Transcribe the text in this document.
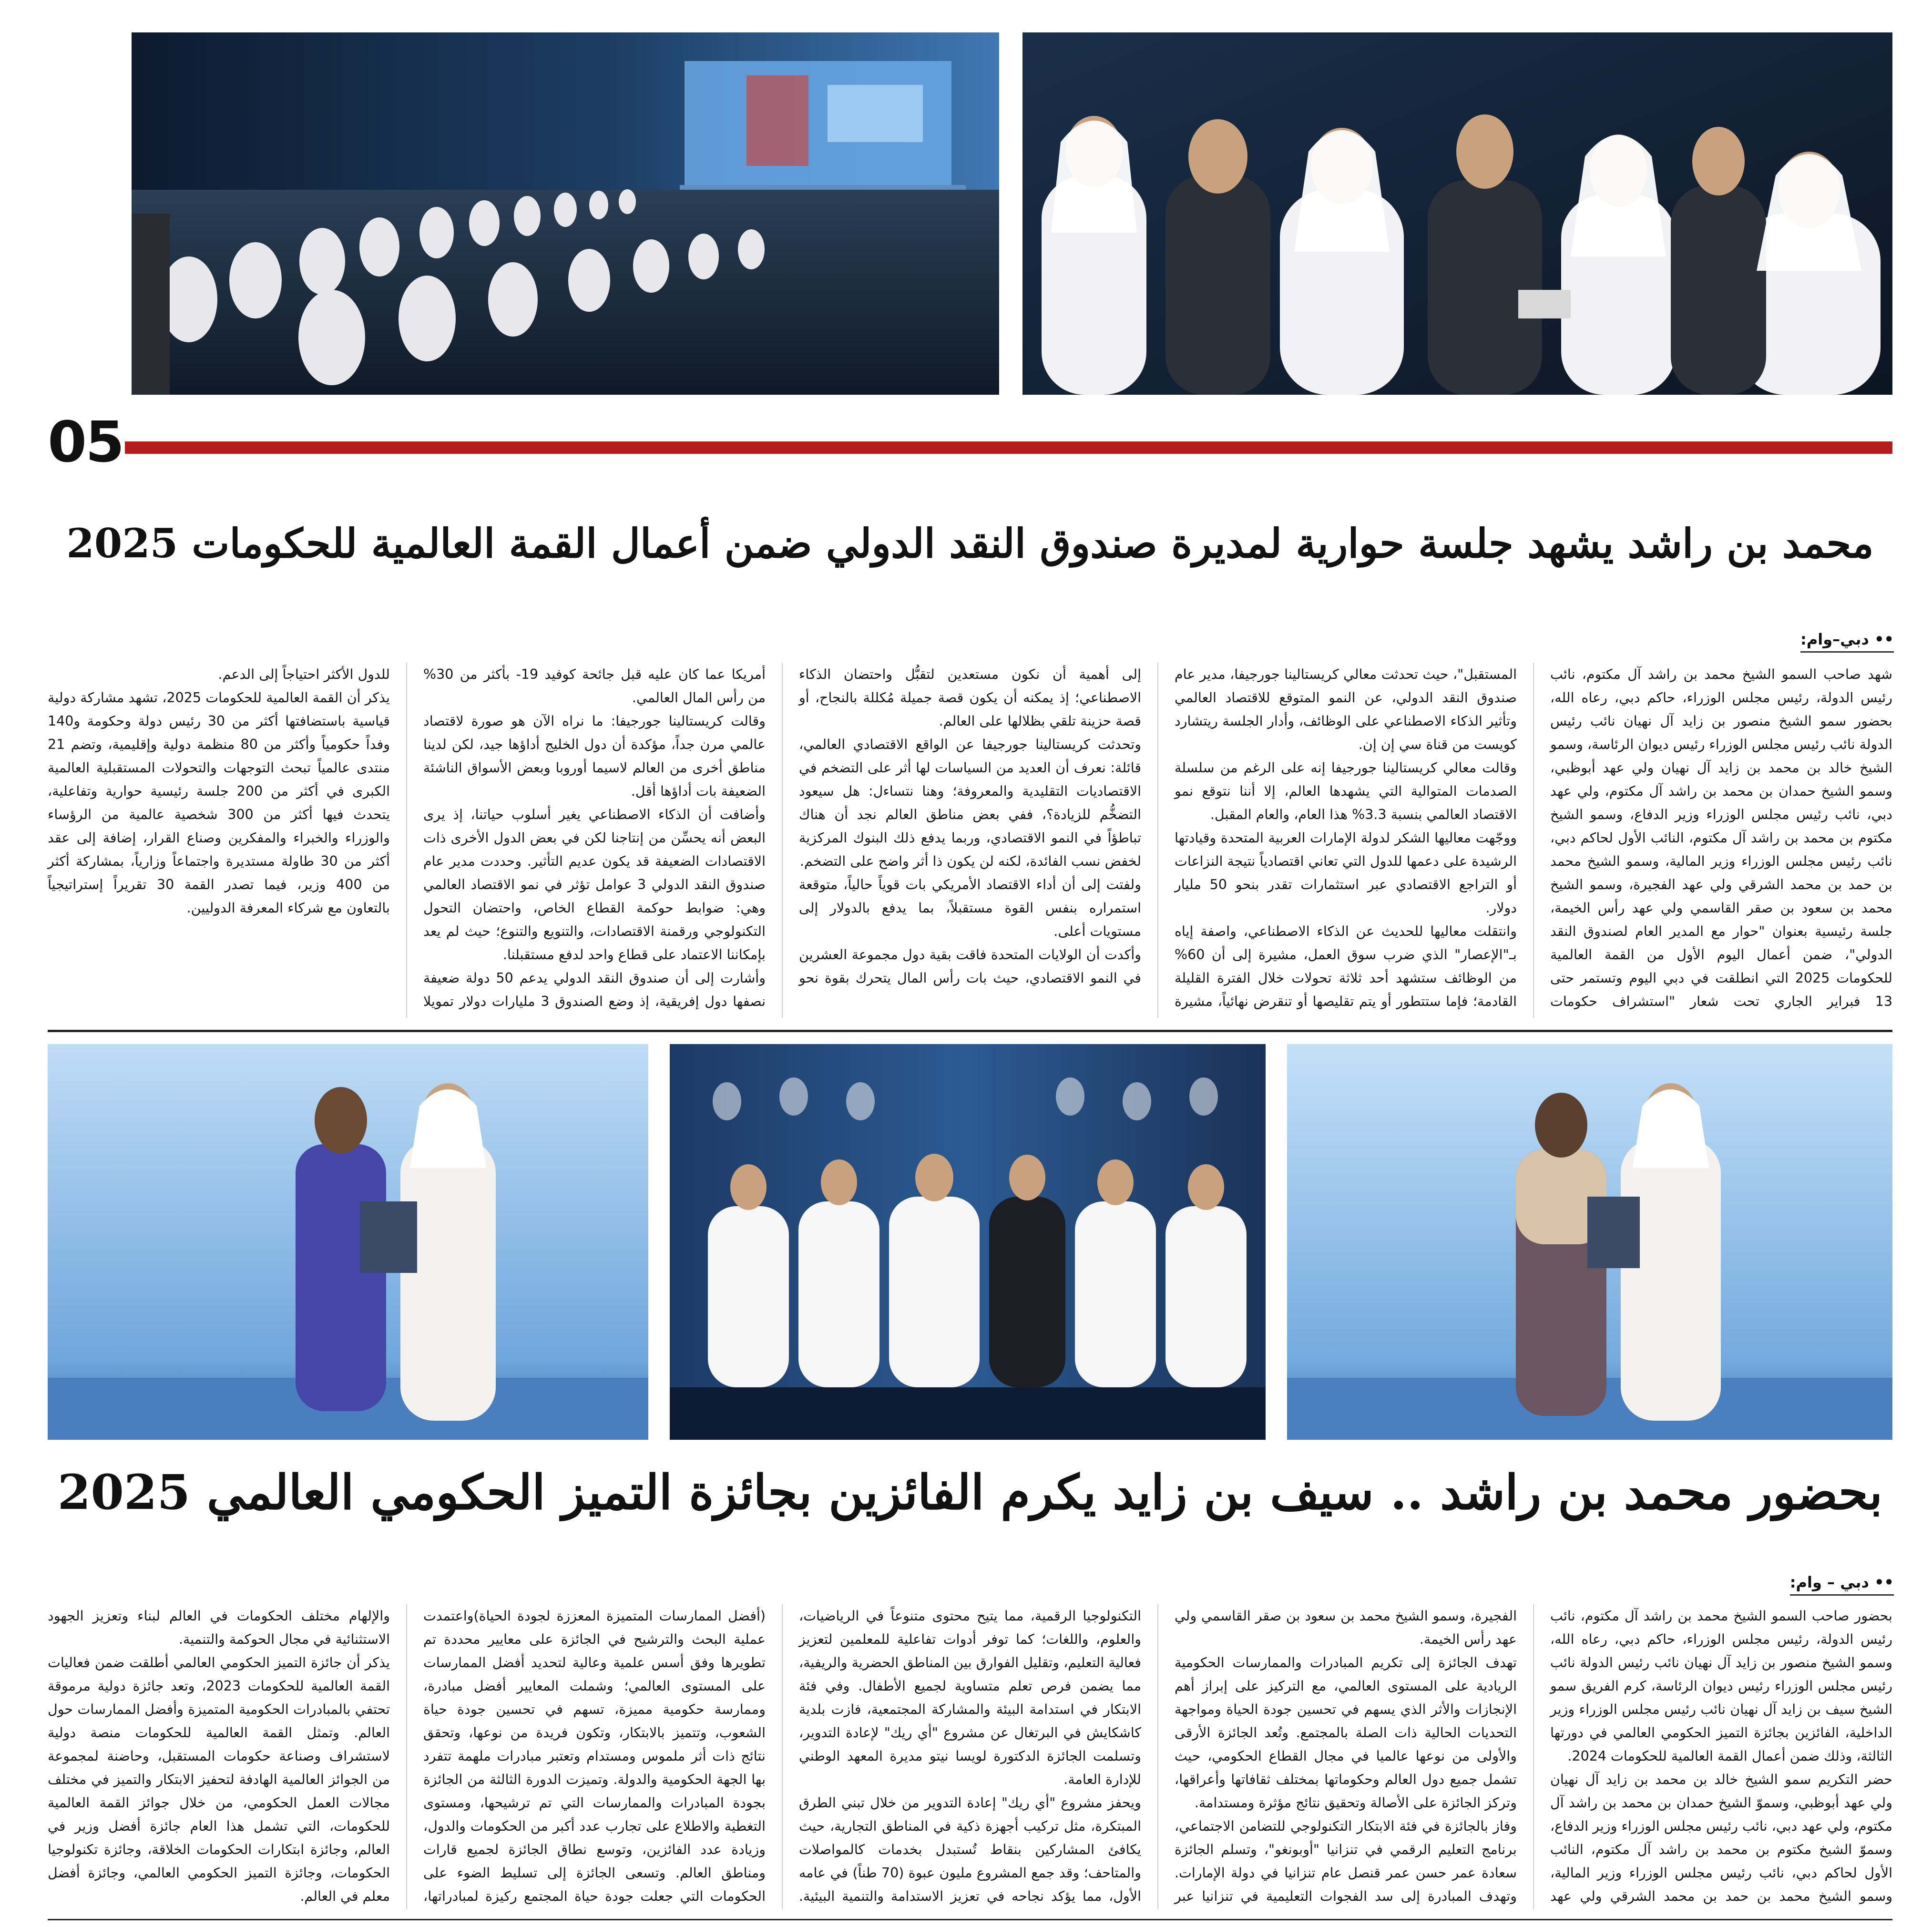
05
محمد بن راشد يشهد جلسة حوارية لمديرة صندوق النقد الدولي ضمن أعمال القمة العالمية للحكومات 2025
•• دبي–وام:

شهد صاحب السمو الشيخ محمد بن راشد آل مكتوم، نائب رئيس الدولة، رئيس مجلس الوزراء، حاكم دبي، رعاه الله، بحضور سمو الشيخ منصور بن زايد آل نهيان نائب رئيس الدولة نائب رئيس مجلس الوزراء رئيس ديوان الرئاسة، وسمو الشيخ خالد بن محمد بن زايد آل نهيان ولي عهد أبوظبي، وسمو الشيخ حمدان بن محمد بن راشد آل مكتوم، ولي عهد دبي، نائب رئيس مجلس الوزراء وزير الدفاع، وسمو الشيخ مكتوم بن محمد بن راشد آل مكتوم، النائب الأول لحاكم دبي، نائب رئيس مجلس الوزراء وزير المالية، وسمو الشيخ محمد بن حمد بن محمد الشرقي ولي عهد الفجيرة، وسمو الشيخ محمد بن سعود بن صقر القاسمي ولي عهد رأس الخيمة، جلسة رئيسية بعنوان "حوار مع المدير العام لصندوق النقد الدولي"، ضمن أعمال اليوم الأول من القمة العالمية للحكومات 2025 التي انطلقت في دبي اليوم وتستمر حتى 13 فبراير الجاري تحت شعار "استشراف حكومات المستقبل"، حيث تحدثت معالي كريستالينا جورجيفا، مدير عام صندوق النقد الدولي، عن النمو المتوقع للاقتصاد العالمي وتأثير الذكاء الاصطناعي على الوظائف، وأدار الجلسة ريتشارد كويست من قناة سي إن إن.

وقالت معالي كريستالينا جورجيفا إنه على الرغم من سلسلة الصدمات المتوالية التي يشهدها العالم، إلا أننا نتوقع نمو الاقتصاد العالمي بنسبة 3.3% هذا العام، والعام المقبل.

ووجّهت معاليها الشكر لدولة الإمارات العربية المتحدة وقيادتها الرشيدة على دعمها للدول التي تعاني اقتصادياً نتيجة النزاعات أو التراجع الاقتصادي عبر استثمارات تقدر بنحو 50 مليار دولار.

وانتقلت معاليها للحديث عن الذكاء الاصطناعي، واصفة إياه بـ"الإعصار" الذي ضرب سوق العمل، مشيرة إلى أن 60% من الوظائف ستشهد أحد ثلاثة تحولات خلال الفترة القليلة القادمة؛ فإما ستتطور أو يتم تقليصها أو تنقرض نهائياً، مشيرة إلى أهمية أن نكون مستعدين لتقبُّل واحتضان الذكاء الاصطناعي؛ إذ يمكنه أن يكون قصة جميلة مُكللة بالنجاح، أو قصة حزينة تلقي بظلالها على العالم.

وتحدثت كريستالينا جورجيفا عن الواقع الاقتصادي العالمي، قائلة: نعرف أن العديد من السياسات لها أثر على التضخم في الاقتصاديات التقليدية والمعروفة؛ وهنا نتساءل: هل سيعود التضخُّم للزيادة؟، ففي بعض مناطق العالم نجد أن هناك تباطؤاً في النمو الاقتصادي، وربما يدفع ذلك البنوك المركزية لخفض نسب الفائدة، لكنه لن يكون ذا أثر واضح على التضخم.

ولفتت إلى أن أداء الاقتصاد الأمريكي بات قوياً حالياً، متوقعة استمراره بنفس القوة مستقبلاً، بما يدفع بالدولار إلى مستويات أعلى.

وأكدت أن الولايات المتحدة فاقت بقية دول مجموعة العشرين في النمو الاقتصادي، حيث بات رأس المال يتحرك بقوة نحو أمريكا عما كان عليه قبل جائحة كوفيد 19- بأكثر من 30% من رأس المال العالمي.

وقالت كريستالينا جورجيفا: ما نراه الآن هو صورة لاقتصاد عالمي مرن جداً، مؤكدة أن دول الخليج أداؤها جيد، لكن لدينا مناطق أخرى من العالم لاسيما أوروبا وبعض الأسواق الناشئة الضعيفة بات أداؤها أقل.

وأضافت أن الذكاء الاصطناعي يغير أسلوب حياتنا، إذ يرى البعض أنه يحسِّن من إنتاجنا لكن في بعض الدول الأخرى ذات الاقتصادات الضعيفة قد يكون عديم التأثير. وحددت مدير عام صندوق النقد الدولي 3 عوامل تؤثر في نمو الاقتصاد العالمي وهي: ضوابط حوكمة القطاع الخاص، واحتضان التحول التكنولوجي ورقمنة الاقتصادات، والتنويع والتنوع؛ حيث لم يعد بإمكاننا الاعتماد على قطاع واحد لدفع مستقبلنا.

وأشارت إلى أن صندوق النقد الدولي يدعم 50 دولة ضعيفة نصفها دول إفريقية، إذ وضع الصندوق 3 مليارات دولار تمويلا للدول الأكثر احتياجاً إلى الدعم.

يذكر أن القمة العالمية للحكومات 2025، تشهد مشاركة دولية قياسية باستضافتها أكثر من 30 رئيس دولة وحكومة و140 وفداً حكومياً وأكثر من 80 منظمة دولية وإقليمية، وتضم 21 منتدى عالمياً تبحث التوجهات والتحولات المستقبلية العالمية الكبرى في أكثر من 200 جلسة رئيسية حوارية وتفاعلية، يتحدث فيها أكثر من 300 شخصية عالمية من الرؤساء والوزراء والخبراء والمفكرين وصناع القرار، إضافة إلى عقد أكثر من 30 طاولة مستديرة واجتماعاً وزارياً، بمشاركة أكثر من 400 وزير، فيما تصدر القمة 30 تقريراً إستراتيجياً بالتعاون مع شركاء المعرفة الدوليين.

بحضور محمد بن راشد .. سيف بن زايد يكرم الفائزين بجائزة التميز الحكومي العالمي 2025
•• دبي – وام:

بحضور صاحب السمو الشيخ محمد بن راشد آل مكتوم، نائب رئيس الدولة، رئيس مجلس الوزراء، حاكم دبي، رعاه الله، وسمو الشيخ منصور بن زايد آل نهيان نائب رئيس الدولة نائب رئيس مجلس الوزراء رئيس ديوان الرئاسة، كرم الفريق سمو الشيخ سيف بن زايد آل نهيان نائب رئيس مجلس الوزراء وزير الداخلية، الفائزين بجائزة التميز الحكومي العالمي في دورتها الثالثة، وذلك ضمن أعمال القمة العالمية للحكومات 2024.

حضر التكريم سمو الشيخ خالد بن محمد بن زايد آل نهيان ولي عهد أبوظبي، وسموّ الشيخ حمدان بن محمد بن راشد آل مكتوم، ولي عهد دبي، نائب رئيس مجلس الوزراء وزير الدفاع، وسموّ الشيخ مكتوم بن محمد بن راشد آل مكتوم، النائب الأول لحاكم دبي، نائب رئيس مجلس الوزراء وزير المالية، وسمو الشيخ محمد بن حمد بن محمد الشرقي ولي عهد الفجيرة، وسمو الشيخ محمد بن سعود بن صقر القاسمي ولي عهد رأس الخيمة.

تهدف الجائزة إلى تكريم المبادرات والممارسات الحكومية الريادية على المستوى العالمي، مع التركيز على إبراز أهم الإنجازات والأثر الذي يسهم في تحسين جودة الحياة ومواجهة التحديات الحالية ذات الصلة بالمجتمع. وتُعد الجائزة الأرقى والأولى من نوعها عالميا في مجال القطاع الحكومي، حيث تشمل جميع دول العالم وحكوماتها بمختلف ثقافاتها وأعراقها، وتركز الجائزة على الأصالة وتحقيق نتائج مؤثرة ومستدامة.

وفاز بالجائزة في فئة الابتكار التكنولوجي للتضامن الاجتماعي، برنامج التعليم الرقمي في تنزانيا "أوبونغو"، وتسلم الجائزة سعادة عمر حسن عمر قنصل عام تنزانيا في دولة الإمارات. وتهدف المبادرة إلى سد الفجوات التعليمية في تنزانيا عبر التكنولوجيا الرقمية، مما يتيح محتوى متنوعاً في الرياضيات، والعلوم، واللغات؛ كما توفر أدوات تفاعلية للمعلمين لتعزيز فعالية التعليم، وتقليل الفوارق بين المناطق الحضرية والريفية، مما يضمن فرص تعلم متساوية لجميع الأطفال. وفي فئة الابتكار في استدامة البيئة والمشاركة المجتمعية، فازت بلدية كاشكايش في البرتغال عن مشروع "أي ريك" لإعادة التدوير، وتسلمت الجائزة الدكتورة لويسا نيتو مديرة المعهد الوطني للإدارة العامة.

ويحفز مشروع "أي ريك" إعادة التدوير من خلال تبني الطرق المبتكرة، مثل تركيب أجهزة ذكية في المناطق التجارية، حيث يكافئ المشاركين بنقاط تُستبدل بخدمات كالمواصلات والمتاحف؛ وقد جمع المشروع مليون عبوة (70 طناً) في عامه الأول، مما يؤكد نجاحه في تعزيز الاستدامة والتنمية البيئية. (أفضل الممارسات المتميزة المعززة لجودة الحياة)واعتمدت عملية البحث والترشيح في الجائزة على معايير محددة تم تطويرها وفق أسس علمية وعالية لتحديد أفضل الممارسات على المستوى العالمي؛ وشملت المعايير أفضل مبادرة، وممارسة حكومية مميزة، تسهم في تحسين جودة حياة الشعوب، وتتميز بالابتكار، وتكون فريدة من نوعها، وتحقق نتائج ذات أثر ملموس ومستدام وتعتبر مبادرات ملهمة تتفرد بها الجهة الحكومية والدولة. وتميزت الدورة الثالثة من الجائزة بجودة المبادرات والممارسات التي تم ترشيحها، ومستوى التغطية والاطلاع على تجارب عدد أكبر من الحكومات والدول، وزيادة عدد الفائزين، وتوسع نطاق الجائزة لجميع قارات ومناطق العالم. وتسعى الجائزة إلى تسليط الضوء على الحكومات التي جعلت جودة حياة المجتمع ركيزة لمبادراتها، والإلهام مختلف الحكومات في العالم لبناء وتعزيز الجهود الاستثنائية في مجال الحوكمة والتنمية.

يذكر أن جائزة التميز الحكومي العالمي أطلقت ضمن فعاليات القمة العالمية للحكومات 2023، وتعد جائزة دولية مرموقة تحتفي بالمبادرات الحكومية المتميزة وأفضل الممارسات حول العالم. وتمثل القمة العالمية للحكومات منصة دولية لاستشراف وصناعة حكومات المستقبل، وحاضنة لمجموعة من الجوائز العالمية الهادفة لتحفيز الابتكار والتميز في مختلف مجالات العمل الحكومي، من خلال جوائز القمة العالمية للحكومات، التي تشمل هذا العام جائزة أفضل وزير في العالم، وجائزة ابتكارات الحكومات الخلاقة، وجائزة تكنولوجيا الحكومات، وجائزة التميز الحكومي العالمي، وجائزة أفضل معلم في العالم.
